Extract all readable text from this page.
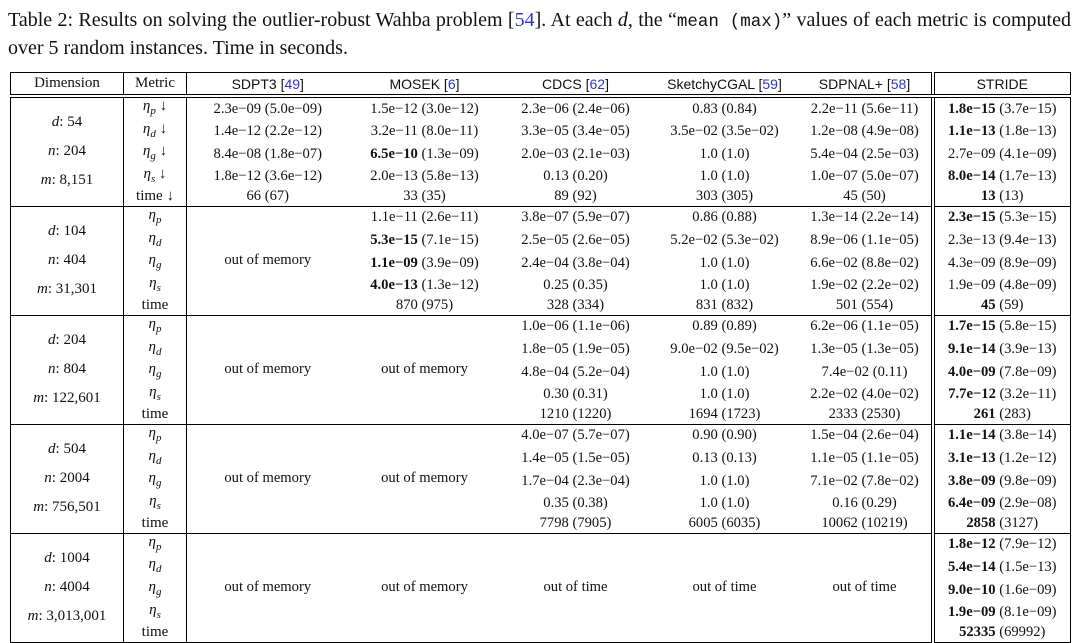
Table 2: Results on solving the outlier-robust Wahba problem [54]. At each d, the “mean (max)” values of each metric is computed over 5 random instances. Time in seconds.
Dimension	Metric	SDPT3 [49]	MOSEK [6]	CDCS [62]	SketchyCGAL [59]	SDPNAL+ [58]	STRIDE

d: 54
n: 204
m: 8,151	$\eta_p$ ↓	2.3e−09 (5.0e−09)	1.5e−12 (3.0e−12)	2.3e−06 (2.4e−06)	0.83 (0.84)	2.2e−11 (5.6e−11)	1.8e−15 (3.7e−15)
	$\eta_d$ ↓	1.4e−12 (2.2e−12)	3.2e−11 (8.0e−11)	3.3e−05 (3.4e−05)	3.5e−02 (3.5e−02)	1.2e−08 (4.9e−08)	1.1e−13 (1.8e−13)
	$\eta_g$ ↓	8.4e−08 (1.8e−07)	6.5e−10 (1.3e−09)	2.0e−03 (2.1e−03)	1.0 (1.0)	5.4e−04 (2.5e−03)	2.7e−09 (4.1e−09)
	$\eta_s$ ↓	1.8e−12 (3.6e−12)	2.0e−13 (5.8e−13)	0.13 (0.20)	1.0 (1.0)	1.0e−07 (5.0e−07)	8.0e−14 (1.7e−13)
	time ↓	66 (67)	33 (35)	89 (92)	303 (305)	45 (50)	13 (13)

d: 104
n: 404
m: 31,301	$\eta_p$	out of memory	1.1e−11 (2.6e−11)	3.8e−07 (5.9e−07)	0.86 (0.88)	1.3e−14 (2.2e−14)	2.3e−15 (5.3e−15)
	$\eta_d$		5.3e−15 (7.1e−15)	2.5e−05 (2.6e−05)	5.2e−02 (5.3e−02)	8.9e−06 (1.1e−05)	2.3e−13 (9.4e−13)
	$\eta_g$		1.1e−09 (3.9e−09)	2.4e−04 (3.8e−04)	1.0 (1.0)	6.6e−02 (8.8e−02)	4.3e−09 (8.9e−09)
	$\eta_s$		4.0e−13 (1.3e−12)	0.25 (0.35)	1.0 (1.0)	1.9e−02 (2.2e−02)	1.9e−09 (4.8e−09)
	time		870 (975)	328 (334)	831 (832)	501 (554)	45 (59)

d: 204
n: 804
m: 122,601	$\eta_p$	out of memory	out of memory	1.0e−06 (1.1e−06)	0.89 (0.89)	6.2e−06 (1.1e−05)	1.7e−15 (5.8e−15)
	$\eta_d$			1.8e−05 (1.9e−05)	9.0e−02 (9.5e−02)	1.3e−05 (1.3e−05)	9.1e−14 (3.9e−13)
	$\eta_g$			4.8e−04 (5.2e−04)	1.0 (1.0)	7.4e−02 (0.11)	4.0e−09 (7.8e−09)
	$\eta_s$			0.30 (0.31)	1.0 (1.0)	2.2e−02 (4.0e−02)	7.7e−12 (3.2e−11)
	time			1210 (1220)	1694 (1723)	2333 (2530)	261 (283)

d: 504
n: 2004
m: 756,501	$\eta_p$	out of memory	out of memory	4.0e−07 (5.7e−07)	0.90 (0.90)	1.5e−04 (2.6e−04)	1.1e−14 (3.8e−14)
	$\eta_d$			1.4e−05 (1.5e−05)	0.13 (0.13)	1.1e−05 (1.1e−05)	3.1e−13 (1.2e−12)
	$\eta_g$			1.7e−04 (2.3e−04)	1.0 (1.0)	7.1e−02 (7.8e−02)	3.8e−09 (9.8e−09)
	$\eta_s$			0.35 (0.38)	1.0 (1.0)	0.16 (0.29)	6.4e−09 (2.9e−08)
	time			7798 (7905)	6005 (6035)	10062 (10219)	2858 (3127)

d: 1004
n: 4004
m: 3,013,001	$\eta_p$	out of memory	out of memory	out of time	out of time	out of time	1.8e−12 (7.9e−12)
	$\eta_d$						5.4e−14 (1.5e−13)
	$\eta_g$						9.0e−10 (1.6e−09)
	$\eta_s$						1.9e−09 (8.1e−09)
	time						52335 (69992)
